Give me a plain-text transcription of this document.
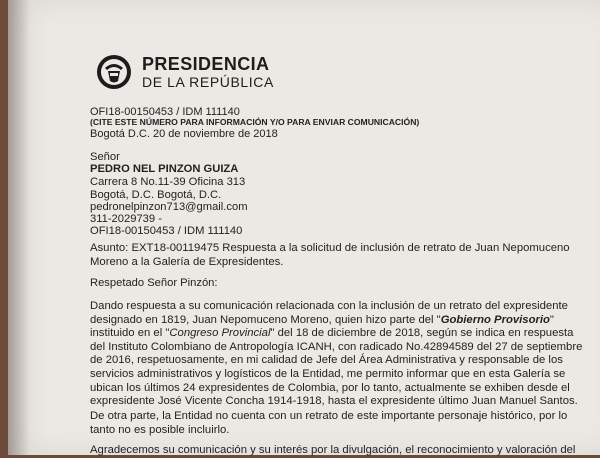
PRESIDENCIA
DE LA REPÚBLICA
OFI18-00150453 / IDM 111140
(CITE ESTE NÚMERO PARA INFORMACIÓN Y/O PARA ENVIAR COMUNICACIÓN)
Bogotá D.C. 20 de noviembre de 2018
Señor
PEDRO NEL PINZON GUIZA
Carrera 8 No.11-39 Oficina 313
Bogotá, D.C. Bogotá, D.C.
pedronelpinzon713@gmail.com
311-2029739 -
OFI18-00150453 / IDM 111140
Asunto: EXT18-00119475 Respuesta a la solicitud de inclusión de retrato de Juan Nepomuceno
Moreno a la Galería de Expresidentes.
Respetado Señor Pinzón:
Dando respuesta a su comunicación relacionada con la inclusión de un retrato del expresidente
designado en 1819, Juan Nepomuceno Moreno, quien hizo parte del "Gobierno Provisorio"
instituido en el "Congreso Provincial" del 18 de diciembre de 2018, según se indica en respuesta
del Instituto Colombiano de Antropología ICANH, con radicado No.42894589 del 27 de septiembre
de 2016, respetuosamente, en mi calidad de Jefe del Área Administrativa y responsable de los
servicios administrativos y logísticos de la Entidad, me permito informar que en esta Galería se
ubican los últimos 24 expresidentes de Colombia, por lo tanto, actualmente se exhiben desde el
expresidente José Vicente Concha 1914-1918, hasta el expresidente último Juan Manuel Santos.
De otra parte, la Entidad no cuenta con un retrato de este importante personaje histórico, por lo
tanto no es posible incluirlo.
Agradecemos su comunicación y su interés por la divulgación, el reconocimiento y valoración del
